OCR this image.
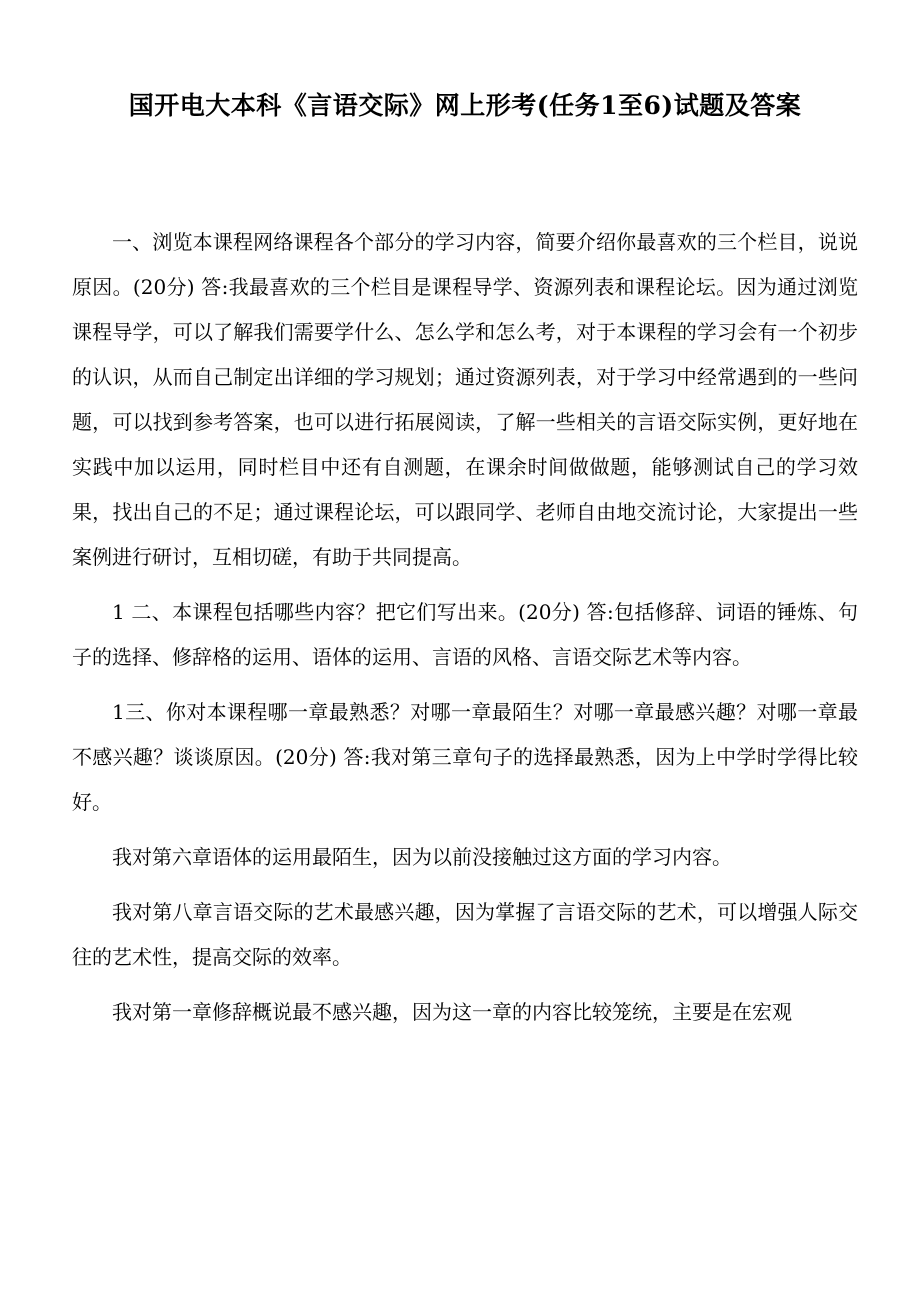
国开电大本科《言语交际》网上形考(任务1至6)试题及答案

一、浏览本课程网络课程各个部分的学习内容，简要介绍你最喜欢的三个栏目，说说原因。(20分) 答:我最喜欢的三个栏目是课程导学、资源列表和课程论坛。因为通过浏览课程导学，可以了解我们需要学什么、怎么学和怎么考，对于本课程的学习会有一个初步的认识，从而自己制定出详细的学习规划；通过资源列表，对于学习中经常遇到的一些问题，可以找到参考答案，也可以进行拓展阅读，了解一些相关的言语交际实例，更好地在实践中加以运用，同时栏目中还有自测题，在课余时间做做题，能够测试自己的学习效果，找出自己的不足；通过课程论坛，可以跟同学、老师自由地交流讨论，大家提出一些案例进行研讨，互相切磋，有助于共同提高。

1 二、本课程包括哪些内容？把它们写出来。(20分) 答:包括修辞、词语的锤炼、句子的选择、修辞格的运用、语体的运用、言语的风格、言语交际艺术等内容。

1三、你对本课程哪一章最熟悉？对哪一章最陌生？对哪一章最感兴趣？对哪一章最不感兴趣？谈谈原因。(20分) 答:我对第三章句子的选择最熟悉，因为上中学时学得比较好。

我对第六章语体的运用最陌生，因为以前没接触过这方面的学习内容。

我对第八章言语交际的艺术最感兴趣，因为掌握了言语交际的艺术，可以增强人际交往的艺术性，提高交际的效率。

我对第一章修辞概说最不感兴趣，因为这一章的内容比较笼统，主要是在宏观
